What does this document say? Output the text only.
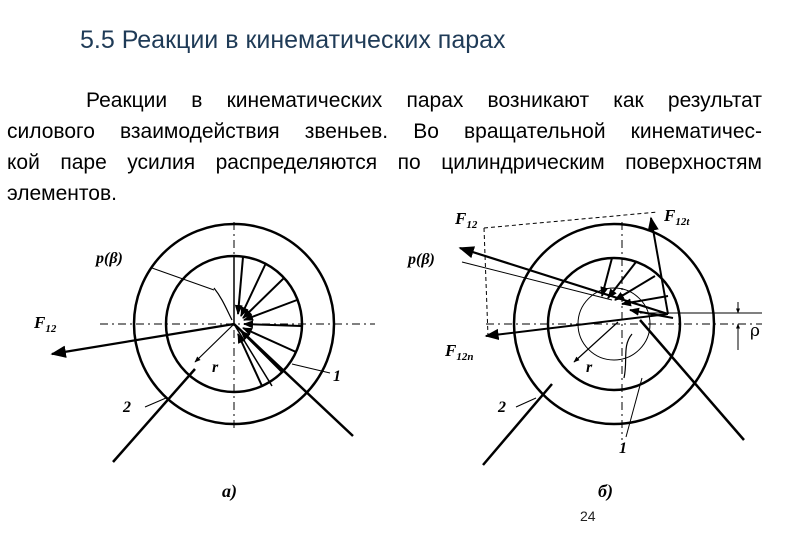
5.5 Реакции в кинематических парах
Реакции в кинематических парах возникают как результат
силового взаимодействия звеньев. Во вращательной кинематичес-
кой паре усилия распределяются по цилиндрическим поверхностям
элементов.
$F_{12}$
p(β)
r
1
2
а)
$F_{12}$	$F_{12t}$
$F_{12n}$
p(β)
r
ρ
1
2
б)
24
